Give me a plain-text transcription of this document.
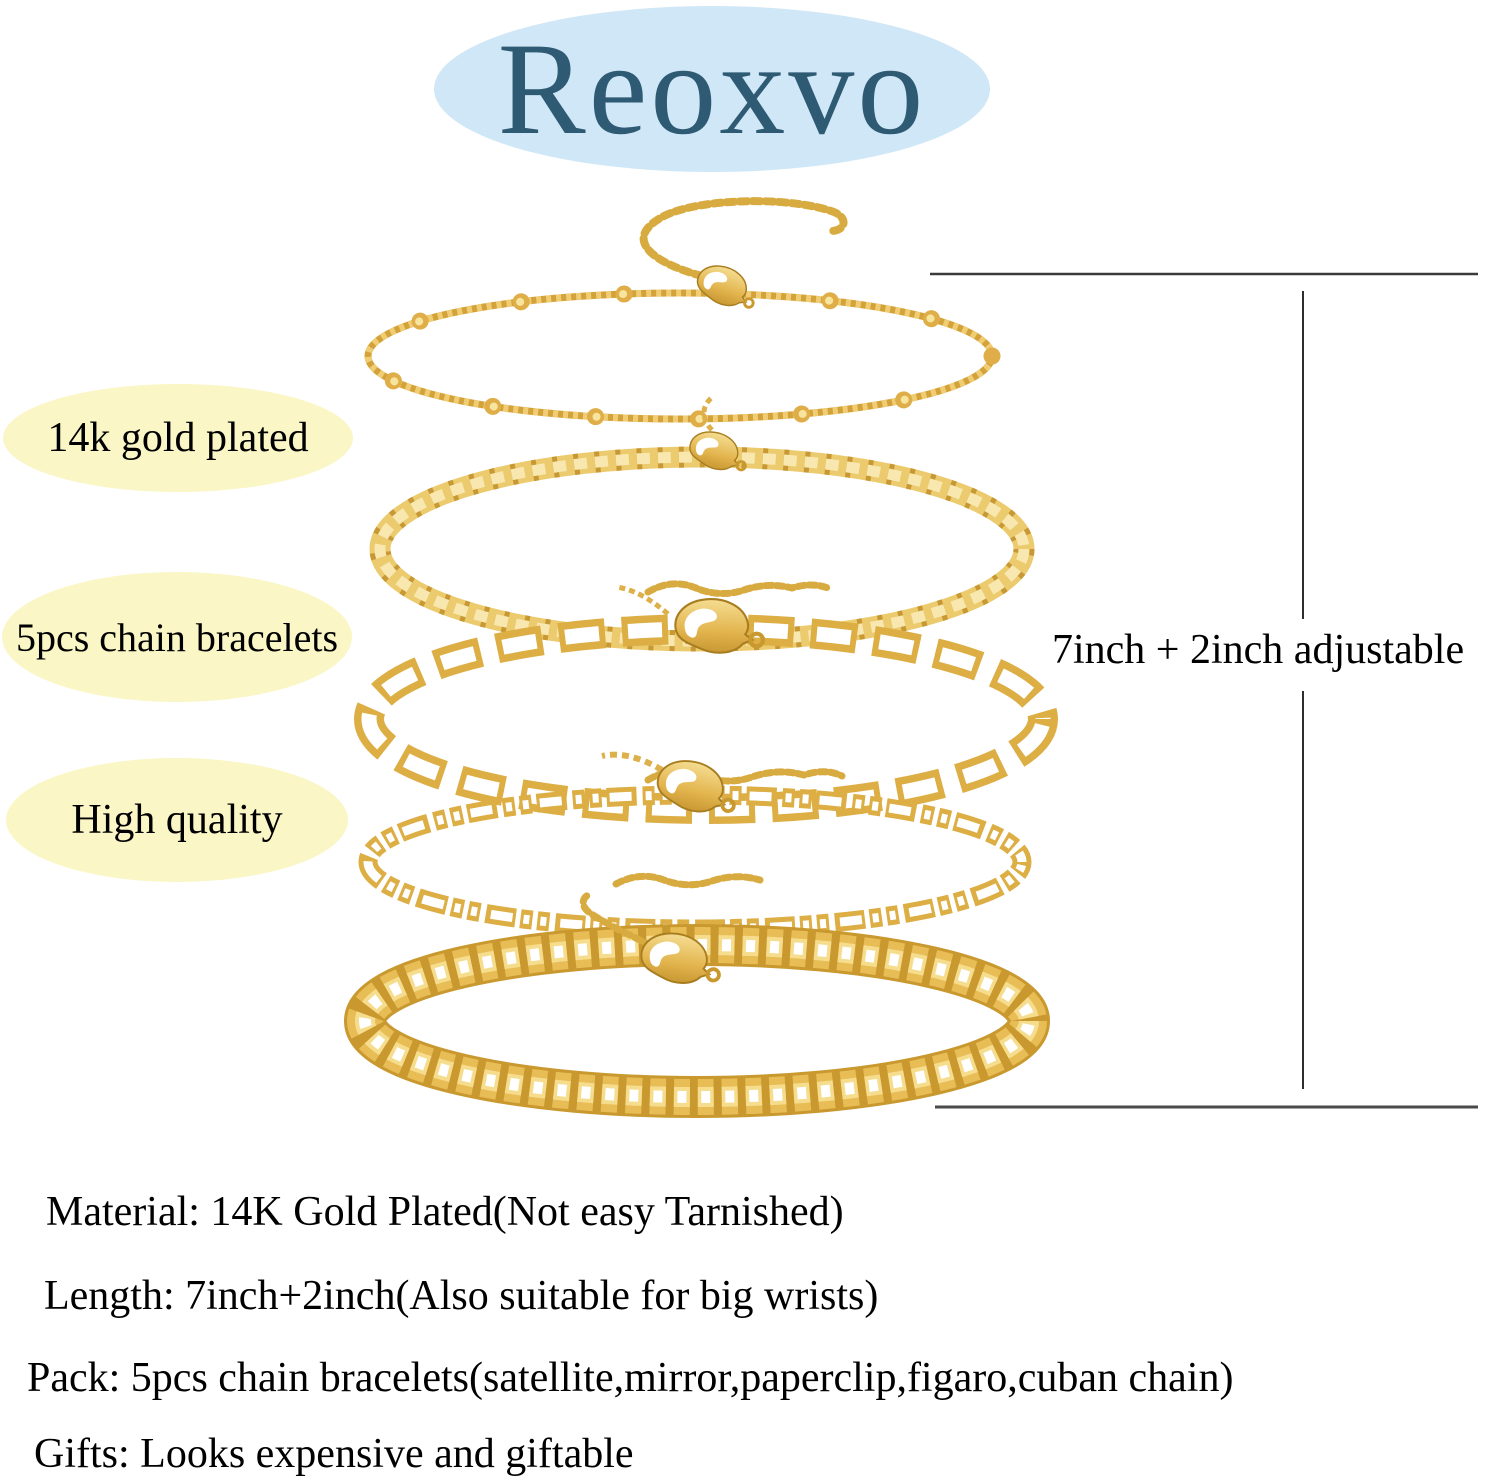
Reoxvo
14k gold plated
5pcs chain bracelets
High quality
7inch + 2inch adjustable
Material: 14K Gold Plated(Not easy Tarnished)
Length: 7inch+2inch(Also suitable for big wrists)
Pack: 5pcs chain bracelets(satellite,mirror,paperclip,figaro,cuban chain)
Gifts: Looks expensive and giftable
